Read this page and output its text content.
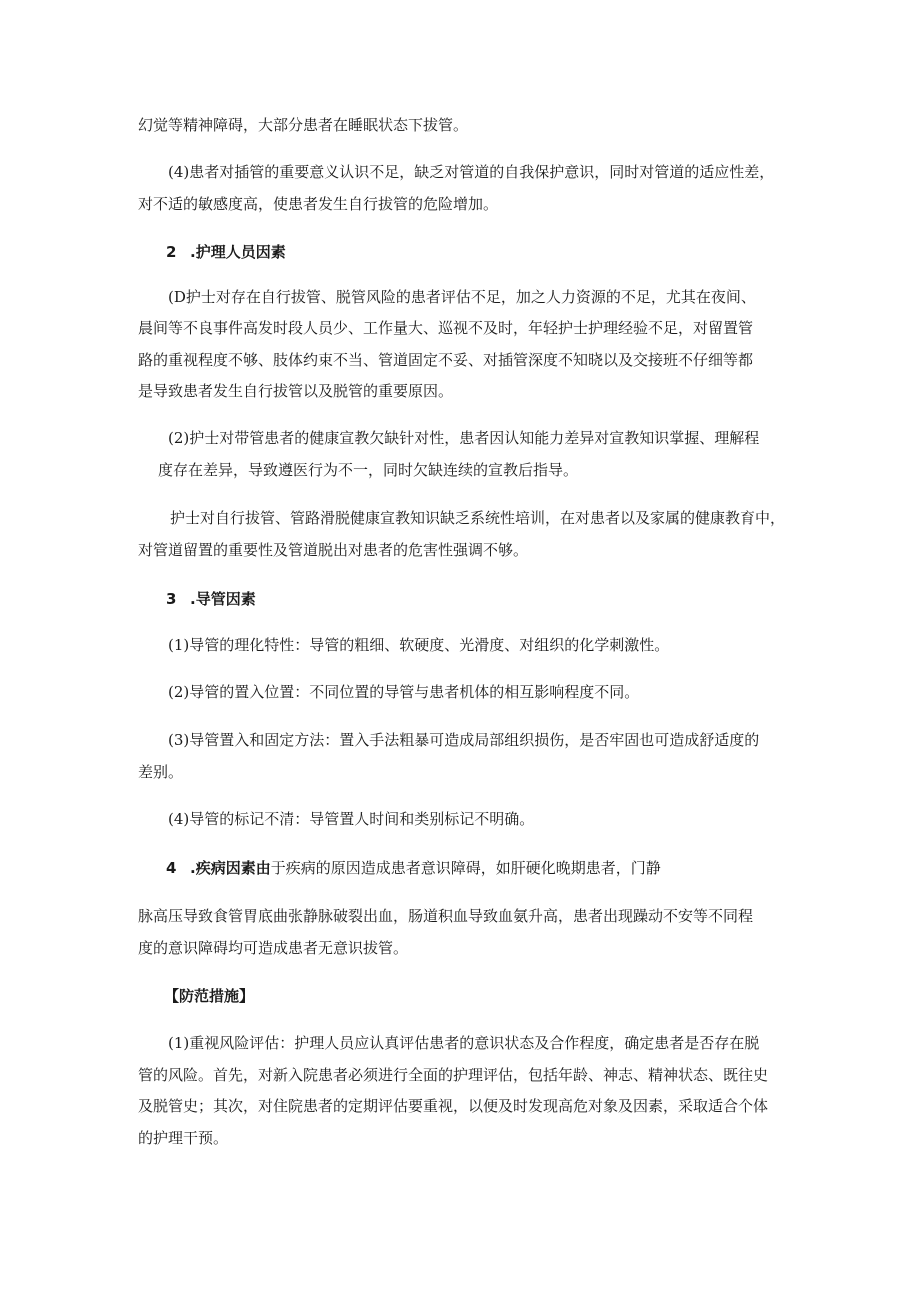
幻觉等精神障碍，大部分患者在睡眠状态下拔管。
(4)患者对插管的重要意义认识不足，缺乏对管道的自我保护意识，同时对管道的适应性差，
对不适的敏感度高，使患者发生自行拔管的危险增加。
2 .护理人员因素
(D护士对存在自行拔管、脱管风险的患者评估不足，加之人力资源的不足，尤其在夜间、
晨间等不良事件高发时段人员少、工作量大、巡视不及时，年轻护士护理经验不足，对留置管
路的重视程度不够、肢体约束不当、管道固定不妥、对插管深度不知晓以及交接班不仔细等都
是导致患者发生自行拔管以及脱管的重要原因。
(2)护士对带管患者的健康宣教欠缺针对性，患者因认知能力差异对宣教知识掌握、理解程
度存在差异，导致遵医行为不一，同时欠缺连续的宣教后指导。
护士对自行拔管、管路滑脱健康宣教知识缺乏系统性培训，在对患者以及家属的健康教育中，
对管道留置的重要性及管道脱出对患者的危害性强调不够。
3 .导管因素
(1)导管的理化特性：导管的粗细、软硬度、光滑度、对组织的化学刺激性。
(2)导管的置入位置：不同位置的导管与患者机体的相互影响程度不同。
(3)导管置入和固定方法：置入手法粗暴可造成局部组织损伤，是否牢固也可造成舒适度的
差别。
(4)导管的标记不清：导管置人时间和类别标记不明确。
4 .疾病因素由于疾病的原因造成患者意识障碍，如肝硬化晚期患者，门静
脉高压导致食管胃底曲张静脉破裂出血，肠道积血导致血氨升高，患者出现躁动不安等不同程
度的意识障碍均可造成患者无意识拔管。
【防范措施】
(1)重视风险评估：护理人员应认真评估患者的意识状态及合作程度，确定患者是否存在脱
管的风险。首先，对新入院患者必须进行全面的护理评估，包括年龄、神志、精神状态、既往史
及脱管史；其次，对住院患者的定期评估要重视，以便及时发现高危对象及因素，采取适合个体
的护理干预。
